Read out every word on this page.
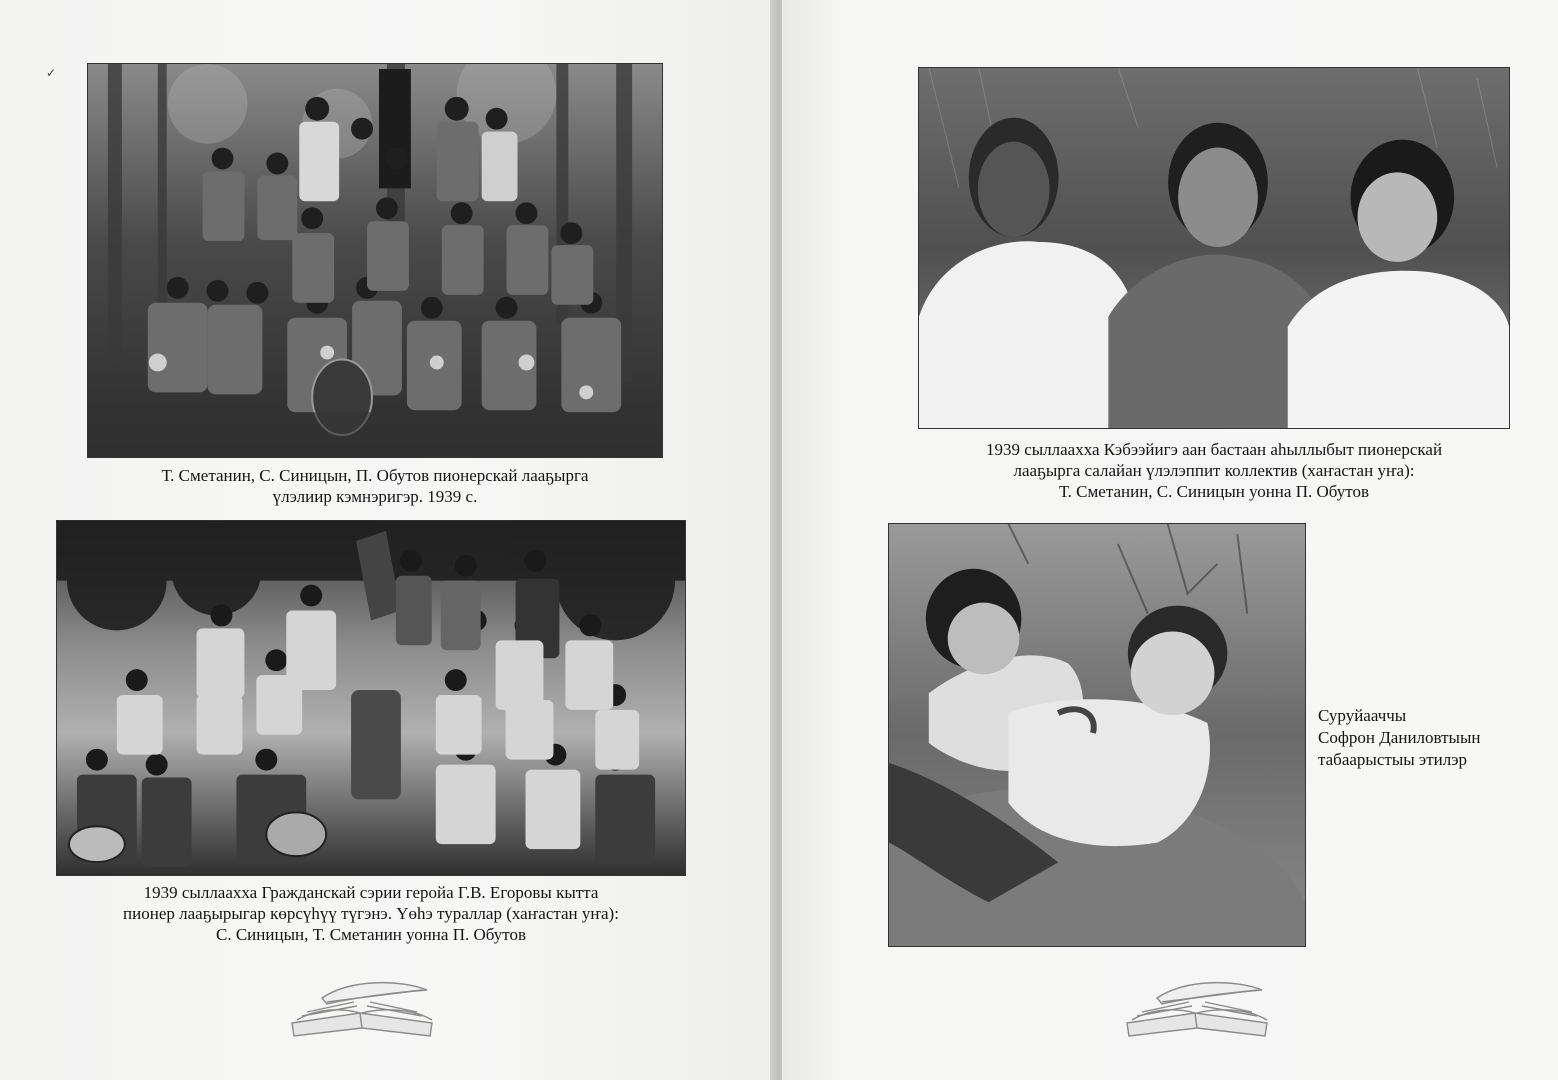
✓
Т. Сметанин, С. Синицын, П. Обутов пионерскай лааҕырга
үлэлиир кэмнэригэр. 1939 с.
1939 сыллаахха Гражданскай сэрии геройа Г.В. Егоровы кытта
пионер лааҕырыгар көрсүһүү түгэнэ. Үөһэ тураллар (хаҥастан уҥа):
С. Синицын, Т. Сметанин уонна П. Обутов
1939 сыллаахха Кэбээйигэ аан бастаан аһыллыбыт пионерскай
лааҕырга салайан үлэлэппит коллектив (хаҥастан уҥа):
Т. Сметанин, С. Синицын уонна П. Обутов
Суруйааччы
Софрон Даниловтыын
табаарыстыы этилэр
